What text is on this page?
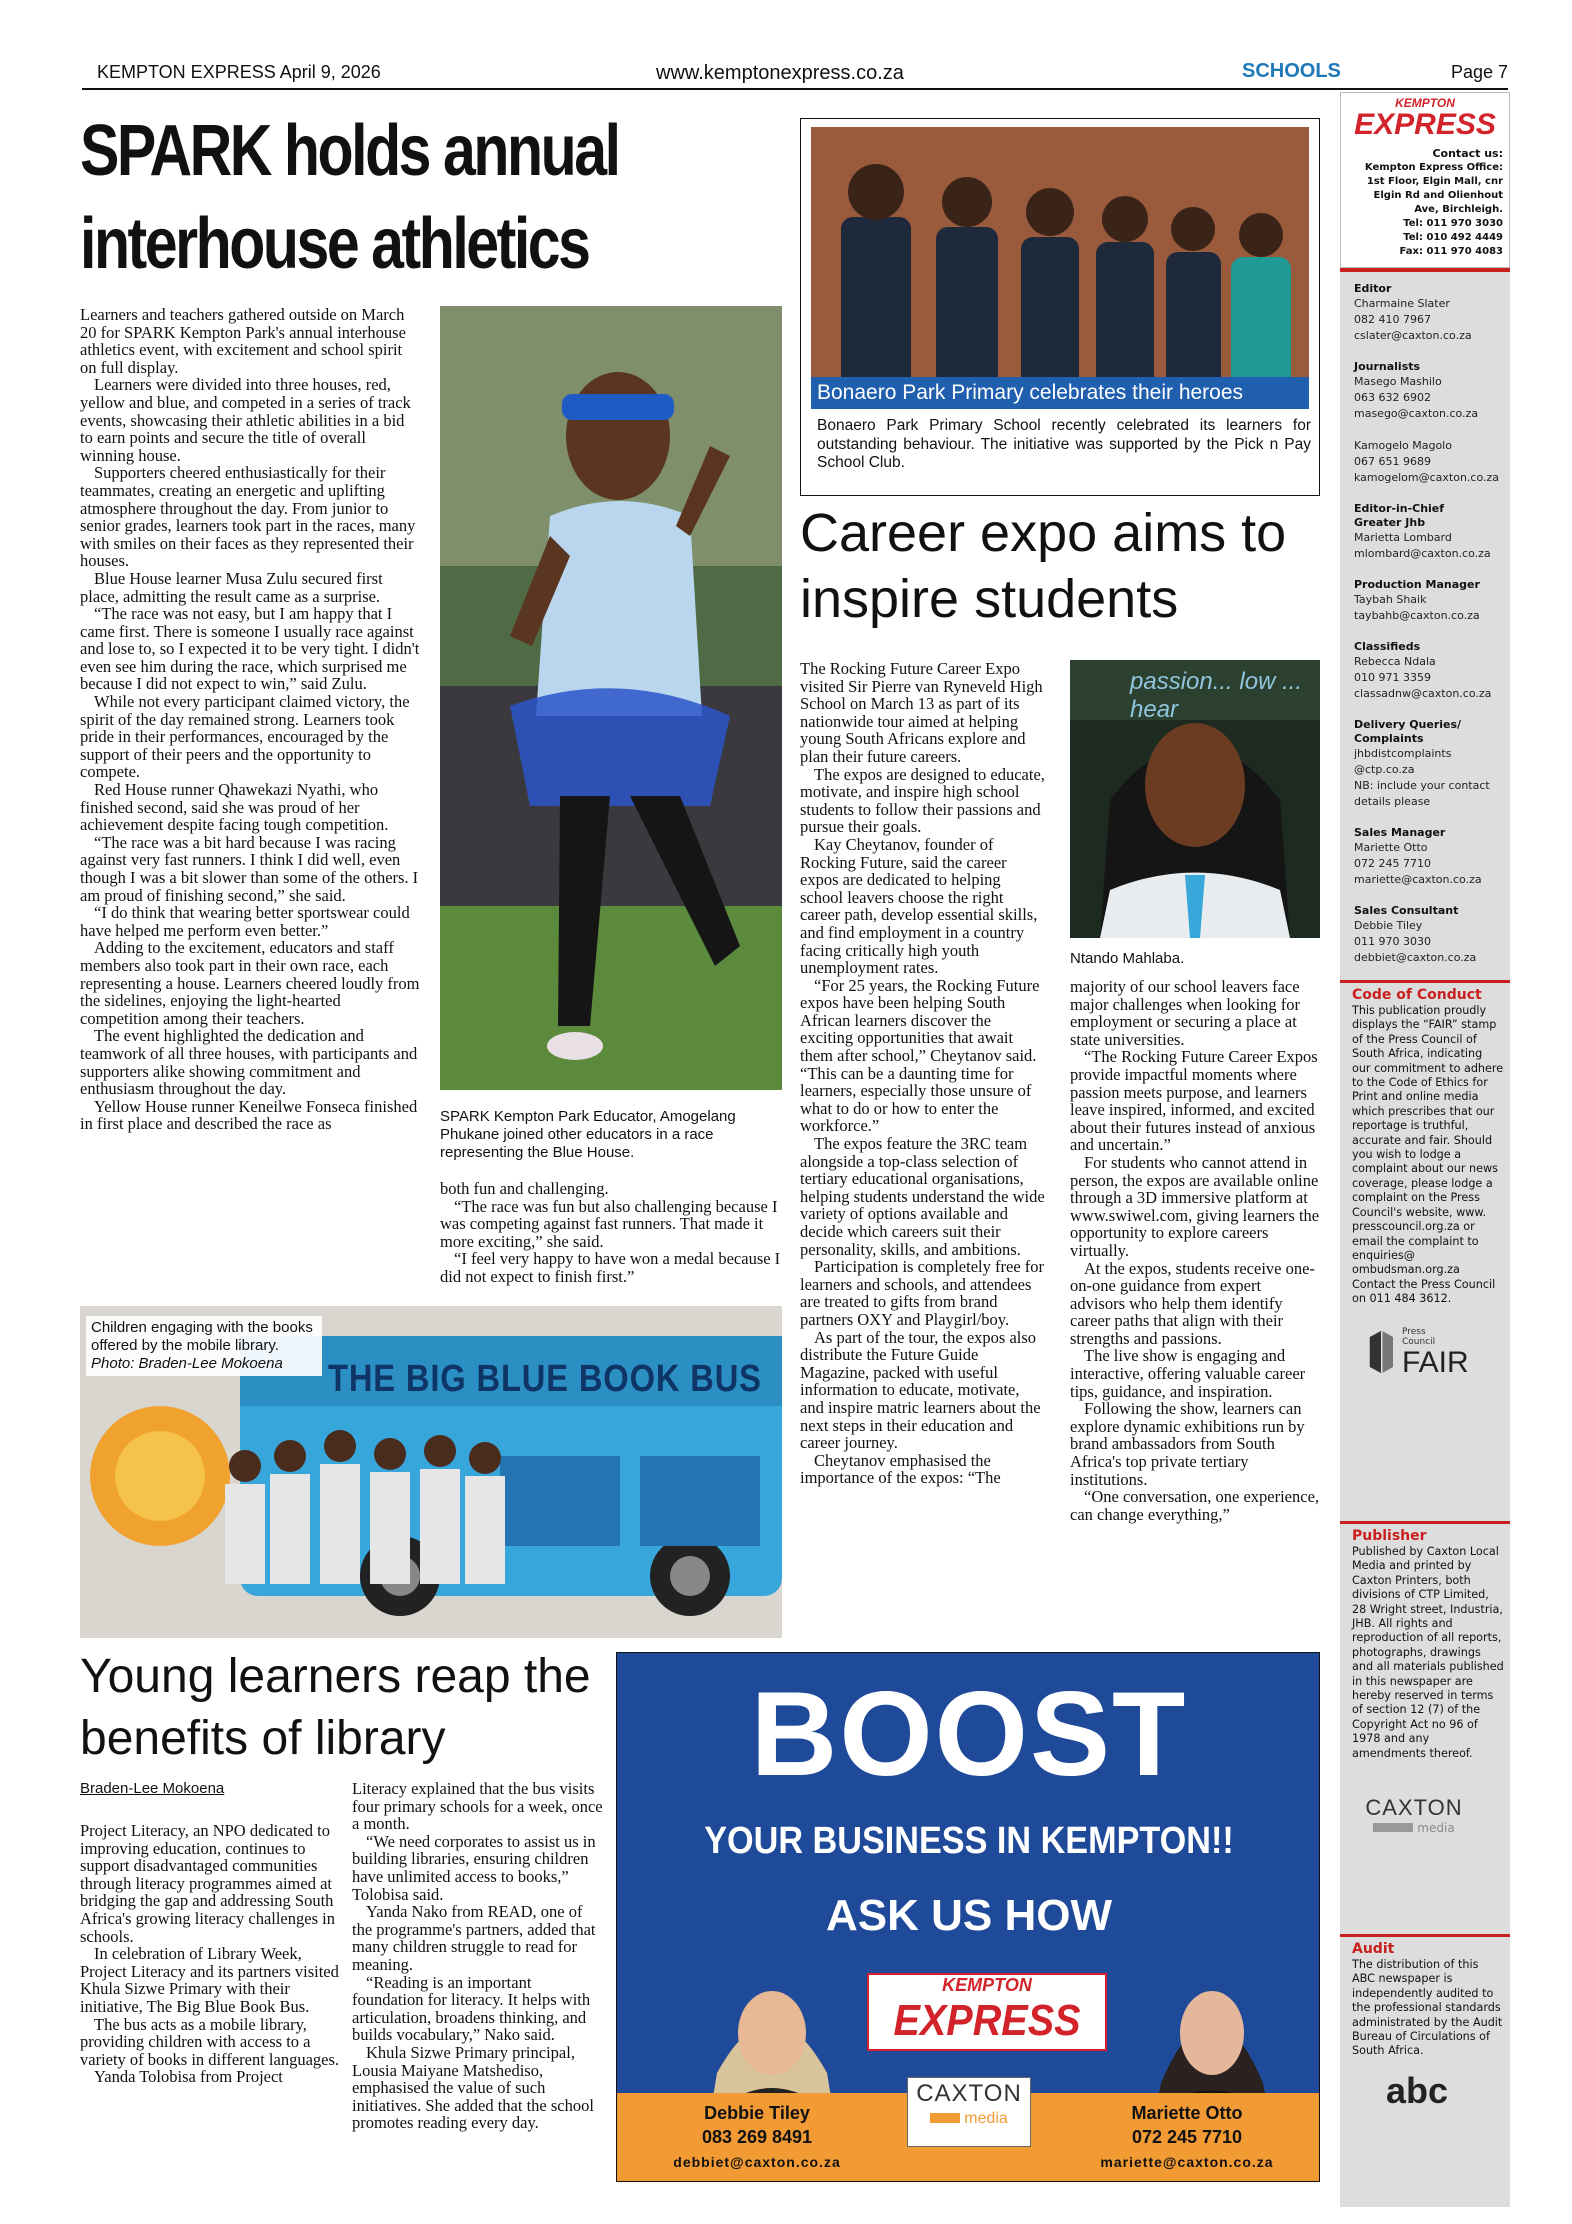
KEMPTON EXPRESS April 9, 2026	www.kemptonexpress.co.za	SCHOOLS	Page 7
SPARK holds annual interhouse athletics

Learners and teachers gathered outside on March 20 for SPARK Kempton Park's annual interhouse athletics event, with excitement and school spirit on full display.

Learners were divided into three houses, red, yellow and blue, and competed in a series of track events, showcasing their athletic abilities in a bid to earn points and secure the title of overall winning house.

Supporters cheered enthusiastically for their teammates, creating an energetic and uplifting atmosphere throughout the day. From junior to senior grades, learners took part in the races, many with smiles on their faces as they represented their houses.

Blue House learner Musa Zulu secured first place, admitting the result came as a surprise.

“The race was not easy, but I am happy that I came first. There is someone I usually race against and lose to, so I expected it to be very tight. I didn't even see him during the race, which surprised me because I did not expect to win,” said Zulu.

While not every participant claimed victory, the spirit of the day remained strong. Learners took pride in their performances, encouraged by the support of their peers and the opportunity to compete.

Red House runner Qhawekazi Nyathi, who finished second, said she was proud of her achievement despite facing tough competition.

“The race was a bit hard because I was racing against very fast runners. I think I did well, even though I was a bit slower than some of the others. I am proud of finishing second,” she said.

“I do think that wearing better sportswear could have helped me perform even better.”

Adding to the excitement, educators and staff members also took part in their own race, each representing a house. Learners cheered loudly from the sidelines, enjoying the light-hearted competition among their teachers.

The event highlighted the dedication and teamwork of all three houses, with participants and supporters alike showing commitment and enthusiasm throughout the day.

Yellow House runner Keneilwe Fonseca finished in first place and described the race as	SPARK Kempton Park Educator, Amogelang Phukane joined other educators in a race representing the Blue House.

both fun and challenging.

“The race was fun but also challenging because I was competing against fast runners. That made it more exciting,” she said.

“I feel very happy to have won a medal because I did not expect to finish first.”

Bonaero Park Primary celebrates their heroes
Bonaero Park Primary School recently celebrated its learners for outstanding behaviour. The initiative was supported by the Pick n Pay School Club.
Career expo aims to inspire students

The Rocking Future Career Expo visited Sir Pierre van Ryneveld High School on March 13 as part of its nationwide tour aimed at helping young South Africans explore and plan their future careers.

The expos are designed to educate, motivate, and inspire high school students to follow their passions and pursue their goals.

Kay Cheytanov, founder of Rocking Future, said the career expos are dedicated to helping school leavers choose the right career path, develop essential skills, and find employment in a country facing critically high youth unemployment rates.

“For 25 years, the Rocking Future expos have been helping South African learners discover the exciting opportunities that await them after school,” Cheytanov said. “This can be a daunting time for learners, especially those unsure of what to do or how to enter the workforce.”

The expos feature the 3RC team alongside a top-class selection of tertiary educational organisations, helping students understand the wide variety of options available and decide which careers suit their personality, skills, and ambitions.

Participation is completely free for learners and schools, and attendees are treated to gifts from brand partners OXY and Playgirl/boy.

As part of the tour, the expos also distribute the Future Guide Magazine, packed with useful information to educate, motivate, and inspire matric learners about the next steps in their education and career journey.

Cheytanov emphasised the importance of the expos: “The

passion... low ... hear
Ntando Mahlaba.

majority of our school leavers face major challenges when looking for employment or securing a place at state universities.

“The Rocking Future Career Expos provide impactful moments where passion meets purpose, and learners leave inspired, informed, and excited about their futures instead of anxious and uncertain.”

For students who cannot attend in person, the expos are available online through a 3D immersive platform at www.swiwel.com, giving learners the opportunity to explore careers virtually.

At the expos, students receive one-on-one guidance from expert advisors who help them identify career paths that align with their strengths and passions.

The live show is engaging and interactive, offering valuable career tips, guidance, and inspiration.

Following the show, learners can explore dynamic exhibitions run by brand ambassadors from South Africa's top private tertiary institutions.

“One conversation, one experience, can change everything,”

THE BIG BLUE BOOK BUS
Children engaging with the books offered by the mobile library.
Photo: Braden-Lee Mokoena
Young learners reap the benefits of library
Braden-Lee Mokoena

Project Literacy, an NPO dedicated to improving education, continues to support disadvantaged communities through literacy programmes aimed at bridging the gap and addressing South Africa's growing literacy challenges in schools.

In celebration of Library Week, Project Literacy and its partners visited Khula Sizwe Primary with their initiative, The Big Blue Book Bus.

The bus acts as a mobile library, providing children with access to a variety of books in different languages.

Yanda Tolobisa from Project

Literacy explained that the bus visits four primary schools for a week, once a month.

“We need corporates to assist us in building libraries, ensuring children have unlimited access to books,” Tolobisa said.

Yanda Nako from READ, one of the programme's partners, added that many children struggle to read for meaning.

“Reading is an important foundation for literacy. It helps with articulation, broadens thinking, and builds vocabulary,” Nako said.

Khula Sizwe Primary principal, Lousia Maiyane Matshediso, emphasised the value of such initiatives. She added that the school promotes reading every day.

BOOST
YOUR BUSINESS IN KEMPTON!!
ASK US HOW
KEMPTON
EXPRESS
Debbie Tiley
083 269 8491
debbiet@caxton.co.za
CAXTON
media	Mariette Otto
072 245 7710
mariette@caxton.co.za
KEMPTON
EXPRESS
Contact us:
Kempton Express Office: 1st Floor, Elgin Mall, cnr Elgin Rd and Olienhout Ave, Birchleigh.
Tel: 011 970 3030
Tel: 010 492 4449
Fax: 011 970 4083
Editor
Charmaine Slater
082 410 7967
cslater@caxton.co.za
Journalists
Masego Mashilo
063 632 6902
masego@caxton.co.za
Kamogelo Magolo
067 651 9689
kamogelom@caxton.co.za
Editor-in-Chief Greater Jhb
Marietta Lombard
mlombard@caxton.co.za
Production Manager
Taybah Shaik
taybahb@caxton.co.za
Classifieds
Rebecca Ndala
010 971 3359
classadnw@caxton.co.za
Delivery Queries/ Complaints
jhbdistcomplaints
@ctp.co.za
NB: include your contact
details please
Sales Manager
Mariette Otto
072 245 7710
mariette@caxton.co.za
Sales Consultant
Debbie Tiley
011 970 3030
debbiet@caxton.co.za
Code of Conduct
This publication proudly displays the “FAIR” stamp of the Press Council of South Africa, indicating our commitment to adhere to the Code of Ethics for Print and online media which prescribes that our reportage is truthful, accurate and fair. Should you wish to lodge a complaint about our news coverage, please lodge a complaint on the Press Council's website, www. presscouncil.org.za or email the complaint to enquiries@ ombudsman.org.za Contact the Press Council on 011 484 3612.
Press Council
FAIR
Publisher
Published by Caxton Local Media and printed by Caxton Printers, both divisions of CTP Limited, 28 Wright street, Industria, JHB. All rights and reproduction of all reports, photographs, drawings and all materials published in this newspaper are hereby reserved in terms of section 12 (7) of the Copyright Act no 96 of 1978 and any amendments thereof.
CAXTON
media
Audit
The distribution of this ABC newspaper is independently audited to the professional standards administrated by the Audit Bureau of Circulations of South Africa.
abc
